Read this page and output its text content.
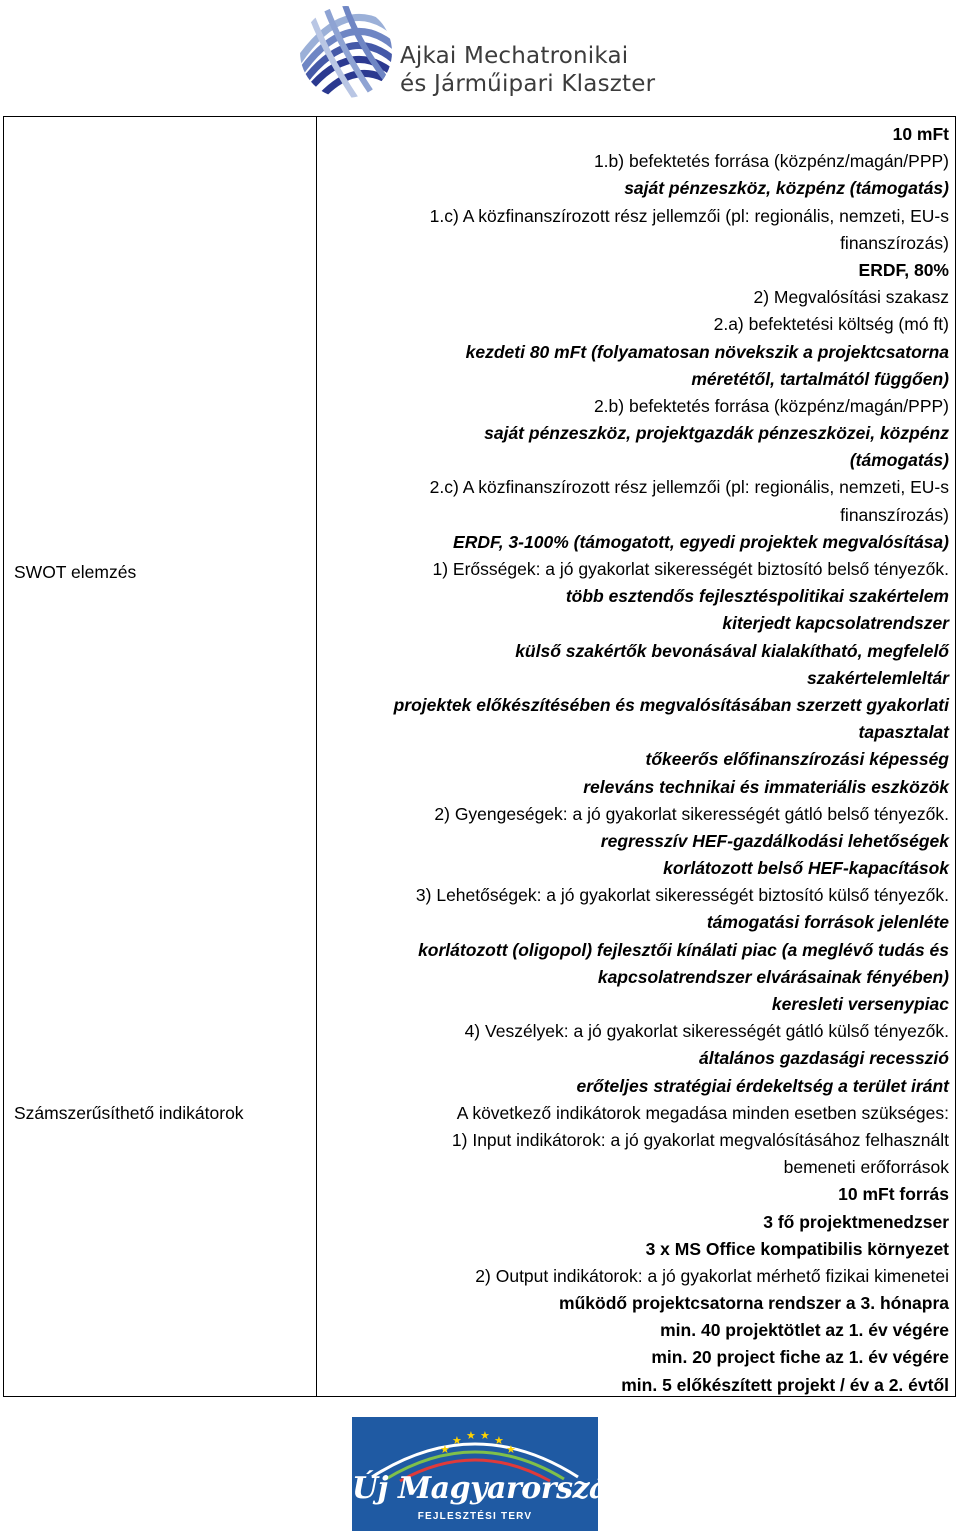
Ajkai Mechatronikai
és Járműipari Klaszter
SWOT elemzés
Számszerűsíthető indikátorok
10 mFt
1.b) befektetés forrása (közpénz/magán/PPP)
saját pénzeszköz, közpénz (támogatás)
1.c) A közfinanszírozott rész jellemzői (pl: regionális, nemzeti, EU-s
finanszírozás)
ERDF, 80%
2) Megvalósítási szakasz
2.a) befektetési költség (mó ft)
kezdeti 80 mFt (folyamatosan növekszik a projektcsatorna
méretétől, tartalmától függően)
2.b) befektetés forrása (közpénz/magán/PPP)
saját pénzeszköz, projektgazdák pénzeszközei, közpénz
(támogatás)
2.c) A közfinanszírozott rész jellemzői (pl: regionális, nemzeti, EU-s
finanszírozás)
ERDF, 3-100% (támogatott, egyedi projektek megvalósítása)
1) Erősségek: a jó gyakorlat sikerességét biztosító belső tényezők.
több esztendős fejlesztéspolitikai szakértelem
kiterjedt kapcsolatrendszer
külső szakértők bevonásával kialakítható, megfelelő
szakértelemleltár
projektek előkészítésében és megvalósításában szerzett gyakorlati
tapasztalat
tőkeerős előfinanszírozási képesség
releváns technikai és immateriális eszközök
2) Gyengeségek: a jó gyakorlat sikerességét gátló belső tényezők.
regresszív HEF-gazdálkodási lehetőségek
korlátozott belső HEF-kapacítások
3) Lehetőségek: a jó gyakorlat sikerességét biztosító külső tényezők.
támogatási források jelenléte
korlátozott (oligopol) fejlesztői kínálati piac (a meglévő tudás és
kapcsolatrendszer elvárásainak fényében)
keresleti versenypiac
4) Veszélyek: a jó gyakorlat sikerességét gátló külső tényezők.
általános gazdasági recesszió
erőteljes stratégiai érdekeltség a terület iránt
A következő indikátorok megadása minden esetben szükséges:
1) Input indikátorok: a jó gyakorlat megvalósításához felhasznált
bemeneti erőforrások
10 mFt forrás
3 fő projektmenedzser
3 x MS Office kompatibilis környezet
2) Output indikátorok: a jó gyakorlat mérhető fizikai kimenetei
működő projektcsatorna rendszer a 3. hónapra
min. 40 projektötlet az 1. év végére
min. 20 project fiche az 1. év végére
min. 5 előkészített projekt / év a 2. évtől
★
★ ★ ★ ★
★
Új Magyarország
FEJLESZTÉSI TERV
